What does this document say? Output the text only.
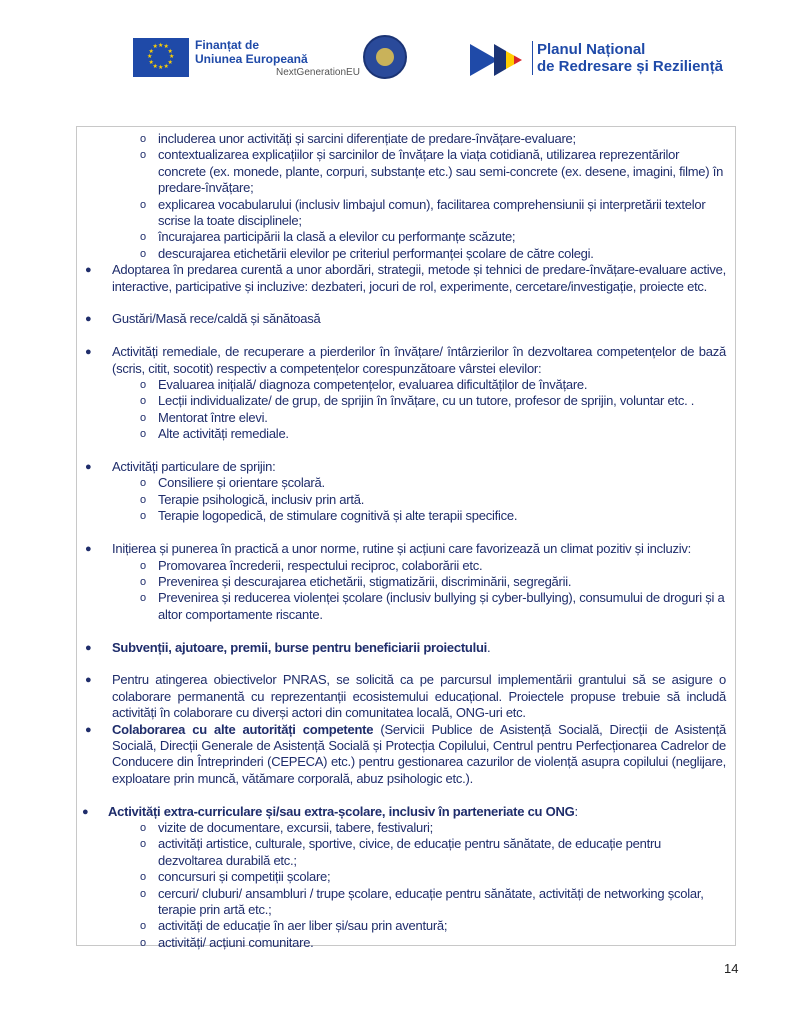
★
★
★
★
★
★
★
★
★ ★ ★
★ Finanțat de
Uniunea Europeană
NextGenerationEU
Planul Național
de Redresare și Reziliență
o includerea unor activități și sarcini diferențiate de predare-învățare-evaluare;
o contextualizarea explicațiilor și sarcinilor de învățare la viața cotidiană, utilizarea reprezentărilor concrete (ex. monede, plante, corpuri, substanțe etc.) sau semi-concrete (ex. desene, imagini, filme) în predare-învățare;
o explicarea vocabularului (inclusiv limbajul comun), facilitarea comprehensiunii și interpretării textelor scrise la toate disciplinele;
o încurajarea participării la clasă a elevilor cu performanțe scăzute;
o descurajarea etichetării elevilor pe criteriul performanței școlare de către colegi.
● Adoptarea în predarea curentă a unor abordări, strategii, metode și tehnici de predare-învățare-evaluare active, interactive, participative și incluzive: dezbateri, jocuri de rol, experimente, cercetare/investigație, proiecte etc.
● Gustări/Masă rece/caldă și sănătoasă
● Activități remediale, de recuperare a pierderilor în învățare/ întârzierilor în dezvoltarea competențelor de bază (scris, citit, socotit) respectiv a competențelor corespunzătoare vârstei elevilor:
o Evaluarea inițială/ diagnoza competențelor, evaluarea dificultăților de învățare.
o Lecții individualizate/ de grup, de sprijin în învățare, cu un tutore, profesor de sprijin, voluntar etc. .
o Mentorat între elevi.
o Alte activități remediale.
● Activități particulare de sprijin:
o Consiliere și orientare școlară.
o Terapie psihologică, inclusiv prin artă.
o Terapie logopedică, de stimulare cognitivă și alte terapii specifice.
● Inițierea și punerea în practică a unor norme, rutine și acțiuni care favorizează un climat pozitiv și incluziv:
o Promovarea încrederii, respectului reciproc, colaborării etc.
o Prevenirea și descurajarea etichetării, stigmatizării, discriminării, segregării.
o Prevenirea și reducerea violenței școlare (inclusiv bullying și cyber-bullying), consumului de droguri și a altor comportamente riscante.
● Subvenții, ajutoare, premii, burse pentru beneficiarii proiectului.
● Pentru atingerea obiectivelor PNRAS, se solicită ca pe parcursul implementării grantului să se asigure o colaborare permanentă cu reprezentanții ecosistemului educațional. Proiectele propuse trebuie să includă activități în colaborare cu diverși actori din comunitatea locală, ONG-uri etc.
● Colaborarea cu alte autorități competente (Servicii Publice de Asistență Socială, Direcții de Asistență Socială, Direcții Generale de Asistență Socială și Protecția Copilului, Centrul pentru Perfecționarea Cadrelor de Conducere din Întreprinderi (CEPECA) etc.) pentru gestionarea cazurilor de violență asupra copilului (neglijare, exploatare prin muncă, vătămare corporală, abuz psihologic etc.).
● Activități extra-curriculare și/sau extra-școlare, inclusiv în parteneriate cu ONG:
o vizite de documentare, excursii, tabere, festivaluri;
o activități artistice, culturale, sportive, civice, de educație pentru sănătate, de educație pentru dezvoltarea durabilă etc.;
o concursuri și competiții școlare;
o cercuri/ cluburi/ ansambluri / trupe școlare, educație pentru sănătate, activități de networking școlar, terapie prin artă etc.;
o activități de educație în aer liber și/sau prin aventură;
o activități/ acțiuni comunitare.
14
